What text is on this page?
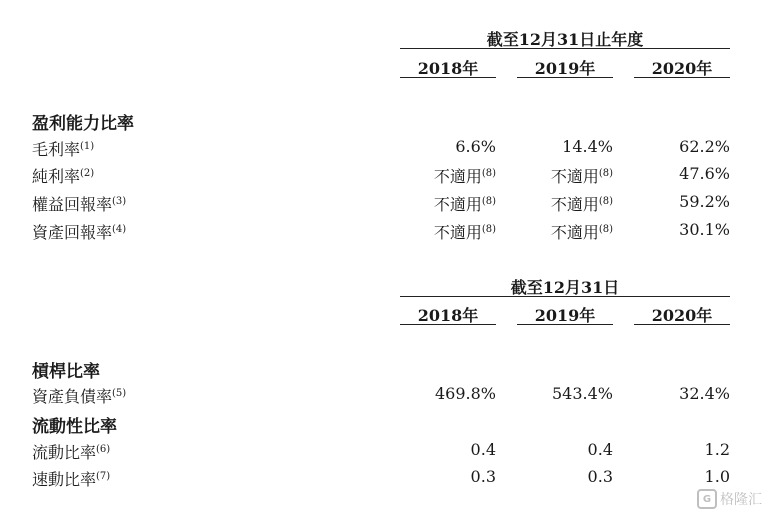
截至12月31日止年度
2018年	2019年	2020年
盈利能力比率
毛利率$^{(1)}$	6.6%	14.4%	62.2%
純利率$^{(2)}$	不適用$^{(8)}$	不適用$^{(8)}$	47.6%
權益回報率$^{(3)}$	不適用$^{(8)}$	不適用$^{(8)}$	59.2%
資產回報率$^{(4)}$	不適用$^{(8)}$	不適用$^{(8)}$	30.1%
截至12月31日
2018年	2019年	2020年
槓桿比率
資產負債率$^{(5)}$	469.8%	543.4%	32.4%
流動性比率
流動比率$^{(6)}$	0.4	0.4	1.2
速動比率$^{(7)}$	0.3	0.3	1.0
G 格隆汇
